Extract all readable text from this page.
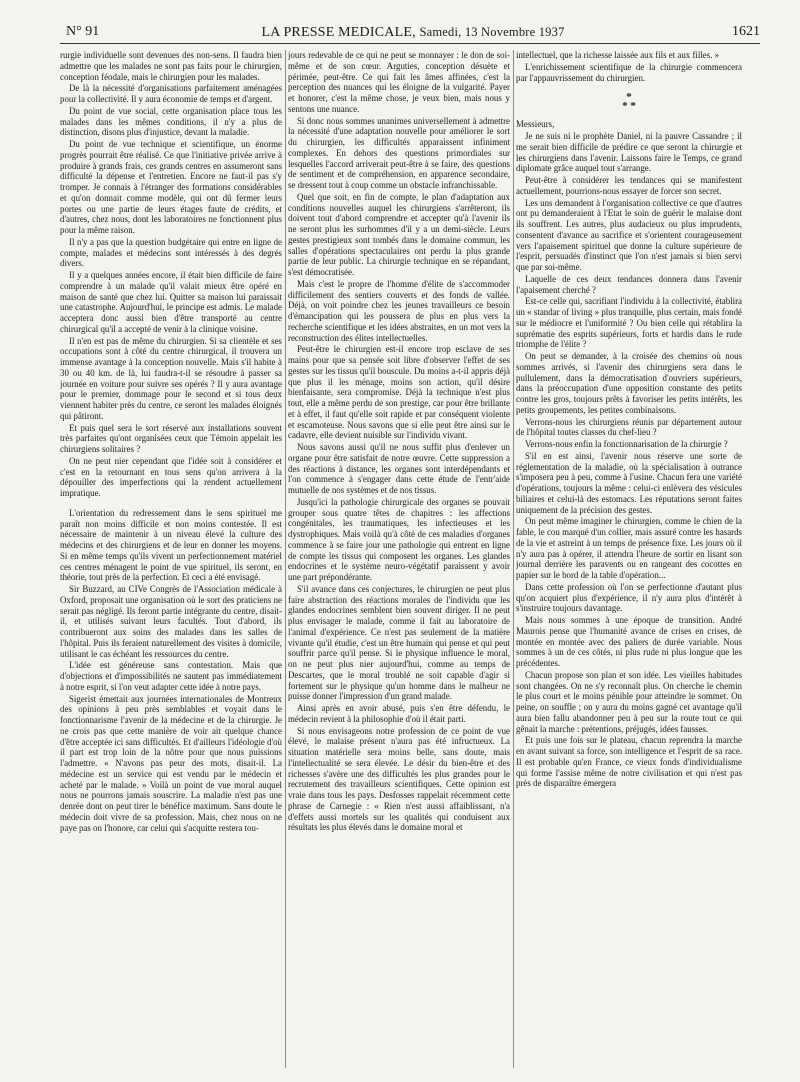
N° 91	LA PRESSE MEDICALE, Samedi, 13 Novembre 1937	1621

rurgie individuelle sont devenues des non-sens. Il faudra bien admettre que les malades ne sont pas faits pour le chirurgien, conception féodale, mais le chirurgien pour les malades.

De là la nécessité d'organisations parfaitement aménagées pour la collectivité. Il y aura économie de temps et d'argent.

Du point de vue social, cette organisation place tous les malades dans les mêmes conditions, il n'y a plus de distinction, disons plus d'injustice, devant la maladie.

Du point de vue technique et scientifique, un énorme progrès pourrait être réalisé. Ce que l'initiative privée arrive à produire à grands frais, ces grands centres en assumeront sans difficulté la dépense et l'entretien. Encore ne faut-il pas s'y tromper. Je connais à l'étranger des formations considérables et qu'on donnait comme modèle, qui ont dû fermer leurs portes ou une partie de leurs étages faute de crédits, et d'autres, chez nous, dont les laboratoires ne fonctionnent plus pour la même raison.

Il n'y a pas que la question budgétaire qui entre en ligne de compte, malades et médecins sont intéressés à des degrés divers.

Il y a quelques années encore, il était bien difficile de faire comprendre à un malade qu'il valait mieux être opéré en maison de santé que chez lui. Quitter sa maison lui paraissait une catastrophe. Aujourd'hui, le principe est admis. Le malade acceptera donc aussi bien d'être transporté au centre chirurgical qu'il a accepté de venir à la clinique voisine.

Il n'en est pas de même du chirurgien. Si sa clientèle et ses occupations sont à côté du centre chirurgical, il trouvera un immense avantage à la conception nouvelle. Mais s'il habite à 30 ou 40 km. de là, lui faudra-t-il se résoudre à passer sa journée en voiture pour suivre ses opérés ? Il y aura avantage pour le premier, dommage pour le second et si tous deux viennent habiter près du centre, ce seront les malades éloignés qui pâtiront.

Et puis quel sera le sort réservé aux installations souvent très parfaites qu'ont organisées ceux que Témoin appelait les chirurgiens solitaires ?

On ne peut nier cependant que l'idée soit à considérer et c'est en la retournant en tous sens qu'on arrivera à la dépouiller des imperfections qui la rendent actuellement impratique.

L'orientation du redressement dans le sens spirituel me paraît non moins difficile et non moins contestée. Il est nécessaire de maintenir à un niveau élevé la culture des médecins et des chirurgiens et de leur en donner les moyens. Si en même temps qu'ils vivent un perfectionnement matériel ces centres ménagent le point de vue spirituel, ils seront, en théorie, tout près de la perfection. Et ceci a été envisagé.

Sir Buzzard, au CIVe Congrès de l'Association médicale à Oxford, proposait une organisation où le sort des praticiens ne serait pas négligé. Ils feront partie intégrante du centre, disait-il, et utilisés suivant leurs facultés. Tout d'abord, ils contribueront aux soins des malades dans les salles de l'hôpital. Puis ils feraient naturellement des visites à domicile, utilisant le cas échéant les ressources du centre.

L'idée est généreuse sans contestation. Mais que d'objections et d'impossibilités ne sautent pas immédiatement à notre esprit, si l'on veut adapter cette idée à notre pays.

Sigerist émettait aux journées internationales de Montreux des opinions à peu près semblables et voyait dans le fonctionnarisme l'avenir de la médecine et de la chirurgie. Je ne crois pas que cette manière de voir ait quelque chance d'être acceptée ici sans difficultés. Et d'ailleurs l'idéologie d'où il part est trop loin de la nôtre pour que nous puissions l'admettre. « N'avons pas peur des mots, disait-il. La médecine est un service qui est vendu par le médecin et acheté par le malade. » Voilà un point de vue moral auquel nous ne pourrons jamais souscrire. La maladie n'est pas une denrée dont on peut tirer le bénéfice maximum. Sans doute le médecin doit vivre de sa profession. Mais, chez nous on ne paye pas on l'honore, car celui qui s'acquitte restera tou-

jours redevable de ce qui ne peut se monnayer : le don de soi-même et de son cœur. Arguties, conception désuète et périmée, peut-être. Ce qui fait les âmes affinées, c'est la perception des nuances qui les éloigne de la vulgarité. Payer et honorer, c'est la même chose, je veux bien, mais nous y sentons une nuance.

Si donc nous sommes unanimes universellement à admettre la nécessité d'une adaptation nouvelle pour améliorer le sort du chirurgien, les difficultés apparaissent infiniment complexes. En dehors des questions primordiales sur lesquelles l'accord arriverait peut-être à se faire, des questions de sentiment et de compréhension, en apparence secondaire, se dressent tout à coup comme un obstacle infranchissable.

Quel que soit, en fin de compte, le plan d'adaptation aux conditions nouvelles auquel les chirurgiens s'arrêteront, ils doivent tout d'abord comprendre et accepter qu'à l'avenir ils ne seront plus les surhommes d'il y a un demi-siècle. Leurs gestes prestigieux sont tombés dans le domaine commun, les salles d'opérations spectaculaires ont perdu la plus grande partie de leur public. La chirurgie technique en se répandant, s'est démocratisée.

Mais c'est le propre de l'homme d'élite de s'accommoder difficilement des sentiers couverts et des fonds de vallée. Déjà, on voit poindre chez les jeunes travailleurs ce besoin d'émancipation qui les poussera de plus en plus vers la recherche scientifique et les idées abstraites, en un mot vers la reconstruction des élites intellectuelles.

Peut-être le chirurgien est-il encore trop esclave de ses mains pour que sa pensée soit libre d'observer l'effet de ses gestes sur les tissus qu'il bouscule. Du moins a-t-il appris déjà que plus il les ménage, moins son action, qu'il désire bienfaisante, sera compromise. Déjà la technique n'est plus tout, elle a même perdu de son prestige, car pour être brillante et à effet, il faut qu'elle soit rapide et par conséquent violente et escamoteuse. Nous savons que si elle peut être ainsi sur le cadavre, elle devient nuisible sur l'individu vivant.

Nous savons aussi qu'il ne nous suffit plus d'enlever un organe pour être satisfait de notre œuvre. Cette suppression a des réactions à distance, les organes sont interdépendants et l'on commence à s'engager dans cette étude de l'entr'aide mutuelle de nos systèmes et de nos tissus.

Jusqu'ici la pathologie chirurgicale des organes se pouvait grouper sous quatre têtes de chapitres : les affections congénitales, les traumatiques, les infectieuses et les dystrophiques. Mais voilà qu'à côté de ces maladies d'organes commence à se faire jour une pathologie qui entrent en ligne de compte les tissus qui composent les organes. Les glandes endocrines et le système neuro-végétatif paraissent y avoir une part prépondérante.

S'il avance dans ces conjectures, le chirurgien ne peut plus faire abstraction des réactions morales de l'individu que les glandes endocrines semblent bien souvent diriger. Il ne peut plus envisager le malade, comme il fait au laboratoire de l'animal d'expérience. Ce n'est pas seulement de la matière vivante qu'il étudie, c'est un être humain qui pense et qui peut souffrir parce qu'il pense. Si le physique influence le moral, on ne peut plus nier aujourd'hui, comme au temps de Descartes, que le moral troublé ne soit capable d'agir si fortement sur le physique qu'un homme dans le malheur ne puisse donner l'impression d'un grand malade.

Ainsi après en avoir abusé, puis s'en être défendu, le médecin revient à la philosophie d'où il était parti.

Si nous envisageons notre profession de ce point de vue élevé, le malaise présent n'aura pas été infructueux. La situation matérielle sera moins belle, sans doute, mais l'intellectualité se sera élevée. Le désir du bien-être et des richesses s'avère une des difficultés les plus grandes pour le recrutement des travailleurs scientifiques. Cette opinion est vraie dans tous les pays. Desfosses rappelait récemment cette phrase de Carnegie : « Rien n'est aussi affaiblissant, n'a d'effets aussi mortels sur les qualités qui conduisent aux résultats les plus élevés dans le domaine moral et

intellectuel, que la richesse laissée aux fils et aux filles. »

L'enrichissement scientifique de la chirurgie commencera par l'appauvrissement du chirurgien.

*
* *

Messieurs,

Je ne suis ni le prophète Daniel, ni la pauvre Cassandre ; il me serait bien difficile de prédire ce que seront la chirurgie et les chirurgiens dans l'avenir. Laissons faire le Temps, ce grand diplomate grâce auquel tout s'arrange.

Peut-être à considérer les tendances qui se manifestent actuellement, pourrions-nous essayer de forcer son secret.

Les uns demandent à l'organisation collective ce que d'autres ont pu demanderaient à l'Etat le soin de guérir le malaise dont ils souffrent. Les autres, plus audacieux ou plus imprudents, consentent d'avance au sacrifice et s'orientent courageusement vers l'apaisement spirituel que donne la culture supérieure de l'esprit, persuadés d'instinct que l'on n'est jamais si bien servi que par soi-même.

Laquelle de ces deux tendances donnera dans l'avenir l'apaisement cherché ?

Est-ce celle qui, sacrifiant l'individu à la collectivité, établira un « standar of living » plus tranquille, plus certain, mais fondé sur le médiocre et l'uniformité ? Ou bien celle qui rétablira la suprématie des esprits supérieurs, forts et hardis dans le rude triomphe de l'élite ?

On peut se demander, à la croisée des chemins où nous sommes arrivés, si l'avenir des chirurgiens sera dans le pullulement, dans la démocratisation d'ouvriers supérieurs, dans la préoccupation d'une opposition constante des petits contre les gros, toujours prêts à favoriser les petits intérêts, les petits groupements, les petites combinaisons.

Verrons-nous les chirurgiens réunis par département autour de l'hôpital toutes classes du chef-lieu ?

Verrons-nous enfin la fonctionnarisation de la chirurgie ?

S'il en est ainsi, l'avenir nous réserve une sorte de réglementation de la maladie, où la spécialisation à outrance s'imposera peu à peu, comme à l'usine. Chacun fera une variété d'opérations, toujours la même : celui-ci enlèvera des vésicules biliaires et celui-là des estomacs. Les réputations seront faites uniquement de la précision des gestes.

On peut même imaginer le chirurgien, comme le chien de la fable, le cou marqué d'un collier, mais assuré contre les hasards de la vie et astreint à un temps de présence fixe. Les jours où il n'y aura pas à opérer, il attendra l'heure de sortir en lisant son journal derrière les paravents ou en rangeant des cocottes en papier sur le bord de la table d'opération...

Dans cette profession où l'on se perfectionne d'autant plus qu'on acquiert plus d'expérience, il n'y aura plus d'intérêt à s'instruire toujours davantage.

Mais nous sommes à une époque de transition. André Maurois pense que l'humanité avance de crises en crises, de montée en montée avec des paliers de durée variable. Nous sommes à un de ces côtés, ni plus rude ni plus longue que les précédentes.

Chacun propose son plan et son idée. Les vieilles habitudes sont changées. On ne s'y reconnaît plus. On cherche le chemin le plus court et le moins pénible pour atteindre le sommet. On peine, on souffle ; on y aura du moins gagné cet avantage qu'il aura bien fallu abandonner peu à peu sur la route tout ce qui gênait la marche : prétentions, préjugés, idées fausses.

Et puis une fois sur le plateau, chacun reprendra la marche en avant suivant sa force, son intelligence et l'esprit de sa race. Il est probable qu'en France, ce vieux fonds d'individualisme qui forme l'assise même de notre civilisation et qui n'est pas près de disparaître émergera
